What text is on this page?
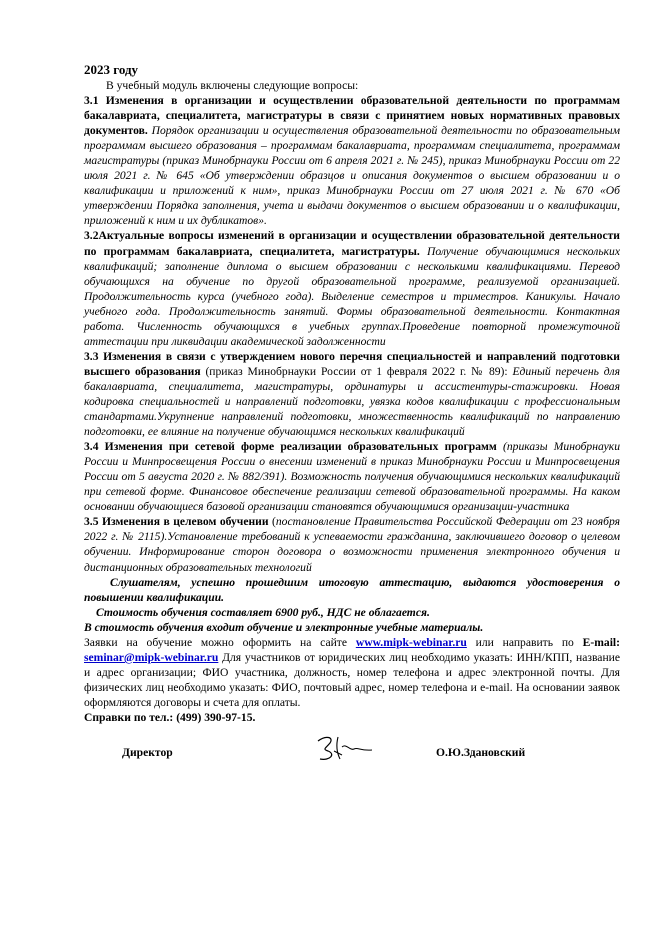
2023 году

В учебный модуль включены следующие вопросы:

3.1 Изменения в организации и осуществлении образовательной деятельности по программам бакалавриата, специалитета, магистратуры в связи с принятием новых нормативных правовых документов. Порядок организации и осуществления образовательной деятельности по образовательным программам высшего образования – программам бакалавриата, программам специалитета, программам магистратуры (приказ Минобрнауки России от 6 апреля 2021 г. № 245), приказ Минобрнауки России от 22 июля 2021 г. № 645 «Об утверждении образцов и описания документов о высшем образовании и о квалификации и приложений к ним», приказ Минобрнауки России от 27 июля 2021 г. № 670 «Об утверждении Порядка заполнения, учета и выдачи документов о высшем образовании и о квалификации, приложений к ним и их дубликатов».

3.2Актуальные вопросы изменений в организации и осуществлении образовательной деятельности по программам бакалавриата, специалитета, магистратуры. Получение обучающимися нескольких квалификаций; заполнение диплома о высшем образовании с несколькими квалификациями. Перевод обучающихся на обучение по другой образовательной программе, реализуемой организацией. Продолжительность курса (учебного года). Выделение семестров и триместров. Каникулы. Начало учебного года. Продолжительность занятий. Формы образовательной деятельности. Контактная работа. Численность обучающихся в учебных группах.Проведение повторной промежуточной аттестации при ликвидации академической задолженности

3.3 Изменения в связи с утверждением нового перечня специальностей и направлений подготовки высшего образования (приказ Минобрнауки России от 1 февраля 2022 г. № 89): Единый перечень для бакалавриата, специалитета, магистратуры, ординатуры и ассистентуры-стажировки. Новая кодировка специальностей и направлений подготовки, увязка кодов квалификации с профессиональным стандартами.Укрупнение направлений подготовки, множественность квалификаций по направлению подготовки, ее влияние на получение обучающимся нескольких квалификаций

3.4 Изменения при сетевой форме реализации образовательных программ (приказы Минобрнауки России и Минпросвещения России о внесении изменений в приказ Минобрнауки России и Минпросвещения России от 5 августа 2020 г. № 882/391). Возможность получения обучающимися нескольких квалификаций при сетевой форме. Финансовое обеспечение реализации сетевой образовательной программы. На каком основании обучающиеся базовой организации становятся обучающимися организации-участника

3.5 Изменения в целевом обучении (постановление Правительства Российской Федерации от 23 ноября 2022 г. № 2115).Установление требований к успеваемости гражданина, заключившего договор о целевом обучении. Информирование сторон договора о возможности применения электронного обучения и дистанционных образовательных технологий

Слушателям, успешно прошедшим итоговую аттестацию, выдаются удостоверения о повышении квалификации.

Стоимость обучения составляет 6900 руб., НДС не облагается.

В стоимость обучения входит обучение и электронные учебные материалы.

Заявки на обучение можно оформить на сайте www.mipk-webinar.ru или направить по E-mail: seminar@mipk-webinar.ru Для участников от юридических лиц необходимо указать: ИНН/КПП, название и адрес организации; ФИО участника, должность, номер телефона и адрес электронной почты. Для физических лиц необходимо указать: ФИО, почтовый адрес, номер телефона и e-mail. На основании заявок оформляются договоры и счета для оплаты.

Справки по тел.: (499) 390-97-15.

Директор	О.Ю.Здановский
